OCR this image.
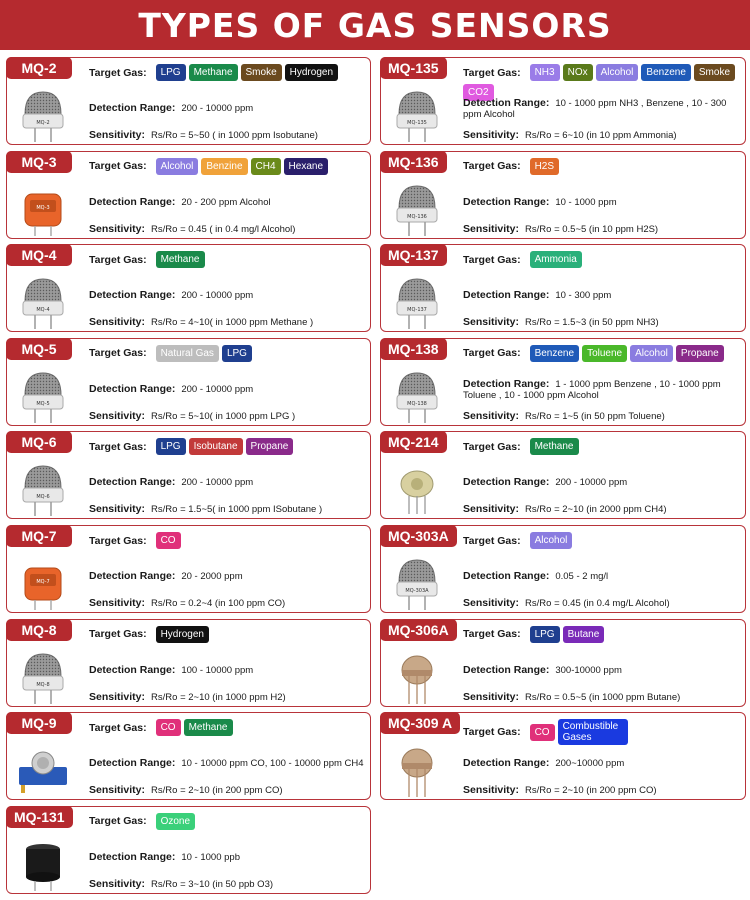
TYPES OF GAS SENSORS
MQ-2
MQ-2
Target Gas:	LPG	Methane	Smoke	Hydrogen
Detection Range: 200 - 10000 ppm
Sensitivity: Rs/Ro = 5~50 ( in 1000 ppm Isobutane)
MQ-3
MQ-3
Target Gas:	Alcohol	Benzine	CH4	Hexane
Detection Range: 20 - 200 ppm Alcohol
Sensitivity: Rs/Ro = 0.45 ( in 0.4 mg/l Alcohol)
MQ-4
MQ-4
Target Gas:	Methane
Detection Range: 200 - 10000 ppm
Sensitivity: Rs/Ro = 4~10( in 1000 ppm Methane )
MQ-5
MQ-5
Target Gas:	Natural Gas	LPG
Detection Range: 200 - 10000 ppm
Sensitivity: Rs/Ro = 5~10( in 1000 ppm LPG )
MQ-6
MQ-6
Target Gas:	LPG	Isobutane	Propane
Detection Range: 200 - 10000 ppm
Sensitivity: Rs/Ro = 1.5~5( in 1000 ppm ISobutane )
MQ-7
MQ-7
Target Gas:	CO
Detection Range: 20 - 2000 ppm
Sensitivity: Rs/Ro = 0.2~4 (in 100 ppm CO)
MQ-8
MQ-8
Target Gas:	Hydrogen
Detection Range: 100 - 10000 ppm
Sensitivity: Rs/Ro = 2~10 (in 1000 ppm H2)
MQ-9	Target Gas:	CO	Methane
Detection Range: 10 - 10000 ppm CO, 100 - 10000 ppm CH4
Sensitivity: Rs/Ro = 2~10 (in 200 ppm CO)
MQ-131	Target Gas:	Ozone
Detection Range: 10 - 1000 ppb
Sensitivity: Rs/Ro = 3~10 (in 50 ppb O3)
MQ-135
MQ-135
Target Gas:	NH3	NOx	Alcohol	Benzene	Smoke
CO2
Detection Range: 10 - 1000 ppm NH3 , Benzene , 10 - 300 ppm Alcohol
Sensitivity: Rs/Ro = 6~10 (in 10 ppm Ammonia)
MQ-136
MQ-136
Target Gas:	H2S
Detection Range: 10 - 1000 ppm
Sensitivity: Rs/Ro = 0.5~5 (in 10 ppm H2S)
MQ-137
MQ-137
Target Gas:	Ammonia
Detection Range: 10 - 300 ppm
Sensitivity: Rs/Ro = 1.5~3 (in 50 ppm NH3)
MQ-138
MQ-138
Target Gas:	Benzene	Toluene	Alcohol	Propane
Detection Range: 1 - 1000 ppm Benzene , 10 - 1000 ppm Toluene , 10 - 1000 ppm Alcohol
Sensitivity: Rs/Ro = 1~5 (in 50 ppm Toluene)
MQ-214	Target Gas:	Methane
Detection Range: 200 - 10000 ppm
Sensitivity: Rs/Ro = 2~10 (in 2000 ppm CH4)
MQ-303A
MQ-303A
Target Gas:	Alcohol
Detection Range: 0.05 - 2 mg/l
Sensitivity: Rs/Ro = 0.45 (in 0.4 mg/L Alcohol)
MQ-306A	Target Gas:	LPG	Butane
Detection Range: 300-10000 ppm
Sensitivity: Rs/Ro = 0.5~5 (in 1000 ppm Butane)
MQ-309 A
Target Gas:	CO	Combustible Gases
Detection Range: 200~10000 ppm
Sensitivity: Rs/Ro = 2~10 (in 200 ppm CO)
